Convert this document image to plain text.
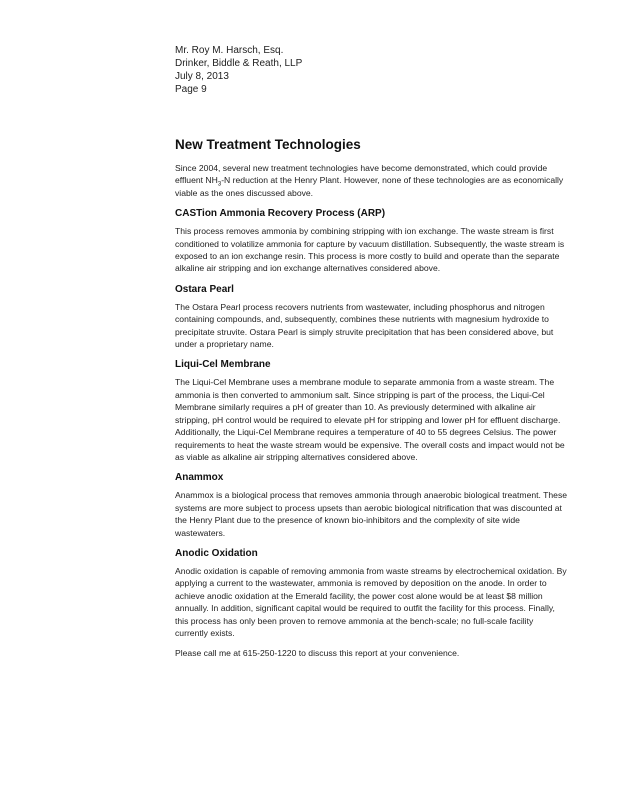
Mr. Roy M. Harsch, Esq.
Drinker, Biddle & Reath, LLP
July 8, 2013
Page 9
New Treatment Technologies

Since 2004, several new treatment technologies have become demonstrated, which could provide effluent $NH_3-N$ reduction at the Henry Plant. However, none of these technologies are as economically viable as the ones discussed above.

CASTion Ammonia Recovery Process (ARP)

This process removes ammonia by combining stripping with ion exchange. The waste stream is first conditioned to volatilize ammonia for capture by vacuum distillation. Subsequently, the waste stream is exposed to an ion exchange resin. This process is more costly to build and operate than the separate alkaline air stripping and ion exchange alternatives considered above.

Ostara Pearl

The Ostara Pearl process recovers nutrients from wastewater, including phosphorus and nitrogen containing compounds, and, subsequently, combines these nutrients with magnesium hydroxide to precipitate struvite. Ostara Pearl is simply struvite precipitation that has been considered above, but under a proprietary name.

Liqui-Cel Membrane

The Liqui-Cel Membrane uses a membrane module to separate ammonia from a waste stream. The ammonia is then converted to ammonium salt. Since stripping is part of the process, the Liqui-Cel Membrane similarly requires a pH of greater than 10. As previously determined with alkaline air stripping, pH control would be required to elevate pH for stripping and lower pH for effluent discharge. Additionally, the Liqui-Cel Membrane requires a temperature of 40 to 55 degrees Celsius. The power requirements to heat the waste stream would be expensive. The overall costs and impact would not be as viable as alkaline air stripping alternatives considered above.

Anammox

Anammox is a biological process that removes ammonia through anaerobic biological treatment. These systems are more subject to process upsets than aerobic biological nitrification that was discounted at the Henry Plant due to the presence of known bio-inhibitors and the complexity of site wide wastewaters.

Anodic Oxidation

Anodic oxidation is capable of removing ammonia from waste streams by electrochemical oxidation. By applying a current to the wastewater, ammonia is removed by deposition on the anode. In order to achieve anodic oxidation at the Emerald facility, the power cost alone would be at least $8 million annually. In addition, significant capital would be required to outfit the facility for this process. Finally, this process has only been proven to remove ammonia at the bench-scale; no full-scale facility currently exists.

Please call me at 615-250-1220 to discuss this report at your convenience.
